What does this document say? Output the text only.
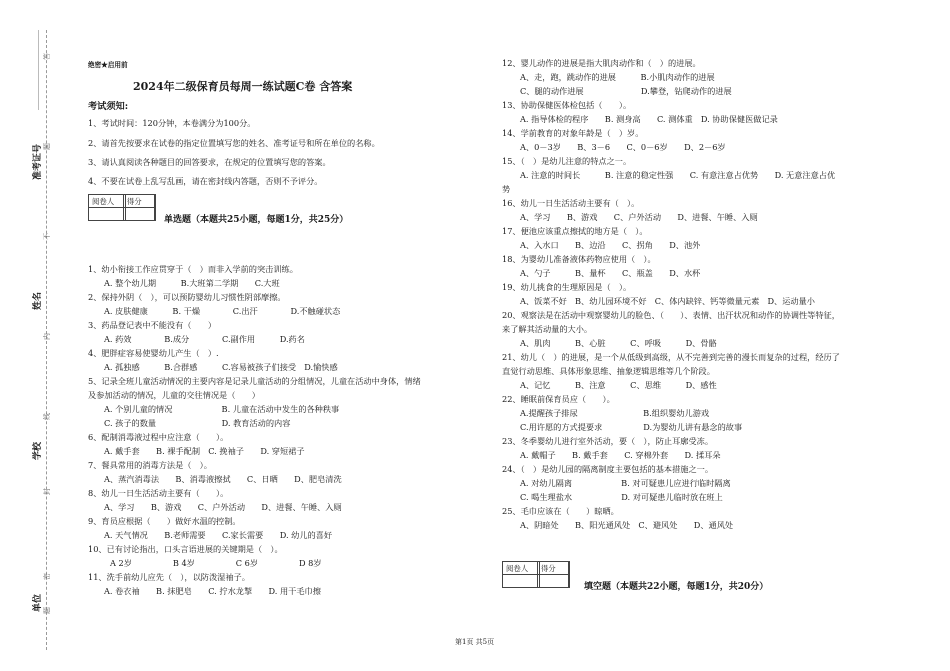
准考证号
姓名
学校
单位
答
题
不
内
线
封
密
题
绝密★启用前
2024年二级保育员每周一练试题C卷 含答案
考试须知:
1、考试时间：120分钟，本卷满分为100分。
2、请首先按要求在试卷的指定位置填写您的姓名、准考证号和所在单位的名称。
3、请认真阅读各种题目的回答要求，在规定的位置填写您的答案。
4、不要在试卷上乱写乱画，请在密封线内答题，否则不予评分。
阅卷人	得分
单选题（本题共25小题，每题1分，共25分）
1、幼小衔接工作应贯穿于（　）而非入学前的突击训练。
A. 整个幼儿期　　　B.大班第二学期　　C.大班
2、保持外阴（　），可以预防婴幼儿习惯性阴部摩擦。
A. 皮肤健康　　　B. 干燥　　　　C.出汗　　　　D.不触碰状态
3、药品登记表中不能没有（　　）
A. 药效　　　　B.成分　　　　C.副作用　　　D.药名
4、肥胖症容易使婴幼儿产生（　）.
A. 孤独感　　　B.合群感　　　C.容易被孩子们接受　D.愉快感
5、记录全班儿童活动情况的主要内容是记录儿童活动的分组情况，儿童在活动中身体，情绪
及参加活动的情况，儿童的交往情况是（　　）
A. 个别儿童的情况　　　　　　B. 儿童在活动中发生的各种秩事
C. 孩子的数量　　　　　　　　D. 教育活动的内容
6、配制消毒液过程中应注意（　　）。
A. 戴手套　　B. 裸手配制　C. 挽袖子　　D. 穿短裙子
7、餐具常用的消毒方法是（　）。
A、蒸汽消毒法　　B、消毒液擦拭　　C、日晒　　D、肥皂清洗
8、幼儿一日生活活动主要有（　　）。
A、学习　　B、游戏　　C、户外活动　　D、进餐、午睡、入厕
9、育员应根据（　　）做好水温的控制。
A. 天气情况　　B.老师需要　　C.家长需要　　D. 幼儿的喜好
10、已有讨论指出，口头言语进展的关键期是（　）。
A 2岁　　　　　B 4岁　　　　　C 6岁　　　　　D 8岁
11、洗手前幼儿应先（　），以防泼湿袖子。
A. 卷衣袖　　B. 抹肥皂　　C. 拧水龙掣　　D. 用干毛巾擦
12、婴儿动作的进展是指大肌肉动作和（　）的进展。
A、走，跑，跳动作的进展　　　B.小肌肉动作的进展
C、腿的动作进展　　　　　　　D.攀登，钻爬动作的进展
13、协助保健医体检包括（　　）。
A. 指导体检的程序　　B. 测身高　　C. 测体重　D. 协助保健医做记录
14、学前教育的对象年龄是（　）岁。
A、0－3岁　　B、3－6　　C、0－6岁　　D、2－6岁
15、（　）是幼儿注意的特点之一。
A. 注意的时间长　　　B. 注意的稳定性强　　C. 有意注意占优势　　D. 无意注意占优
势
16、幼儿一日生活活动主要有（　）。
A、学习　　B、游戏　　C、户外活动　　D、进餐、午睡、入厕
17、便池应该重点擦拭的地方是（　）。
A、入水口　　B、边沿　　C、拐角　　D、池外
18、为婴幼儿准备液体药物应使用（　）。
A、勺子　　　B、量杯　　C、瓶盖　　D、水杯
19、幼儿挑食的生理原因是（　）。
A、饭菜不好　B、幼儿园环境不好　C、体内缺锌、钙等微量元素　D、运动量小
20、观察法是在活动中观察婴幼儿的脸色、（　　）、表情、出汗状况和动作的协调性等特征，
来了解其活动量的大小。
A、肌肉　　　B、心脏　　　C、呼吸　　　D、骨骼
21、幼儿（　）的进展，是一个从低级到高级，从不完善到完善的漫长而复杂的过程，经历了
直觉行动思维、具体形象思维、抽象逻辑思维等几个阶段。
A、记忆　　　B、注意　　　C、思维　　　D、感性
22、睡眠前保育员应（　　）。
A.提醒孩子排尿　　　　　　　　B.组织婴幼儿游戏
C.用许愿的方式提要求　　　　　D.为婴幼儿讲有悬念的故事
23、冬季婴幼儿进行室外活动，要（　），防止耳廓受冻。
A. 戴帽子　　B. 戴手套　　C. 穿棉外套　　D. 揉耳朵
24、（　）是幼儿园的隔离制度主要包括的基本措施之一。
A. 对幼儿隔离　　　　　　B. 对可疑患儿应进行临时隔离
C. 喝生理盐水　　　　　　D. 对可疑患儿临时放在班上
25、毛巾应该在（　　）晾晒。
A、阴暗处　　B、阳光通风处　C、避风处　　D、通风处
阅卷人	得分
填空题（本题共22小题，每题1分，共20分）
第1页 共5页
